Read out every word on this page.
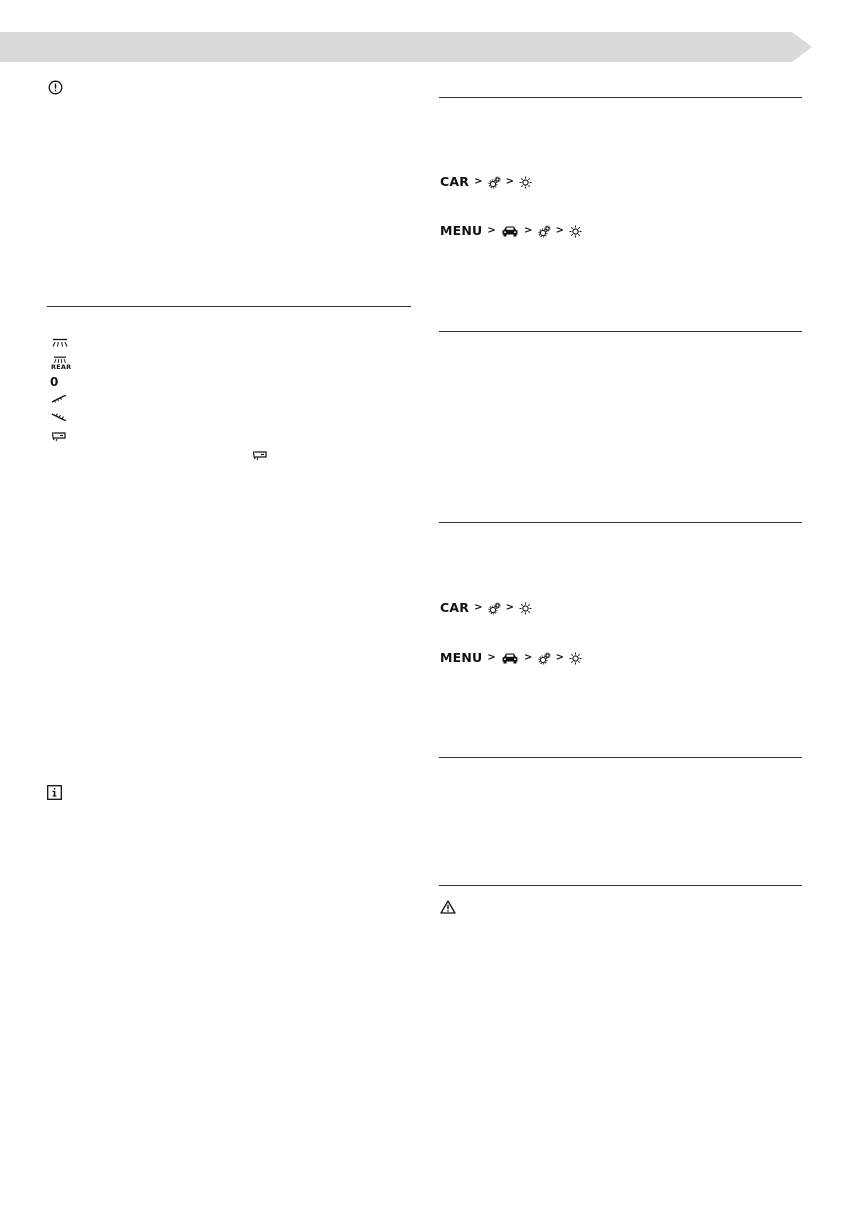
REAR
0
CAR > >
MENU >	> >
CAR > >
MENU >	> >
